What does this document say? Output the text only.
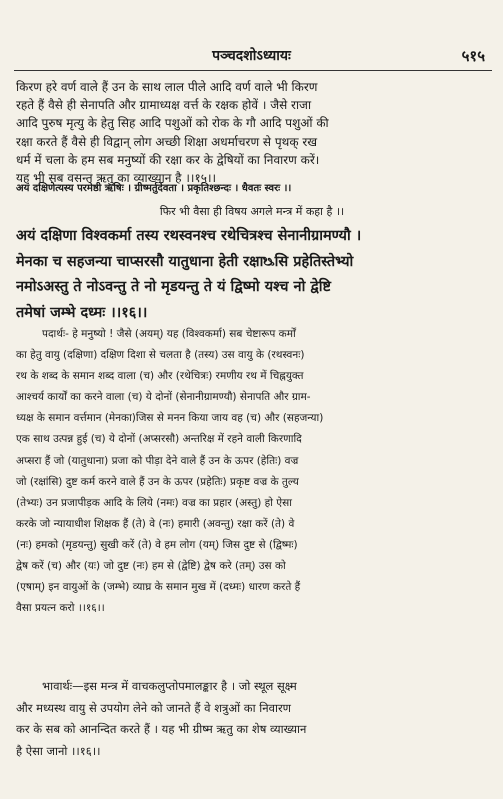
पञ्चदशोऽध्यायः	५१५
किरण हरे वर्ण वाले हैं उन के साथ लाल पीले आदि वर्ण वाले भी किरण
रहते हैं वैसे ही सेनापति और ग्रामाध्यक्ष वर्त्त के रक्षक होवें । जैसे राजा
आदि पुरुष मृत्यु के हेतु सिह आदि पशुओं को रोक के गौ आदि पशुओं की
रक्षा करते हैं वैसे ही विद्वान् लोग अच्छी शिक्षा अधर्माचरण से पृथक् रख
धर्म में चला के हम सब मनुष्यों की रक्षा कर के द्वेषियों का निवारण करें।
यह भी सब वसन्त ऋतु का व्याख्यान है ।।१५।।
अयं दक्षिणेत्यस्य परमेष्ठी ऋषिः । ग्रीष्मर्तुर्देवता । प्रकृतिश्छन्दः । धैवतः स्वरः ।।
फिर भी वैसा ही विषय अगले मन्त्र में कहा है ।।
अयं दक्षिणा विश्वकर्मा तस्य रथस्वनश्च रथेचित्रश्च सेनानीग्रामण्यौ ।
मेनका च सहजन्या चाप्सरसौ यातुधाना हेती रक्षाᳬसि प्रहेतिस्तेभ्यो
नमोऽअस्तु ते नोऽवन्तु ते नो मृडयन्तु ते यं द्विष्मो यश्च नो द्वेष्टि
तमेषां जम्भे दध्मः ।।१६।।
पदार्थः- हे मनुष्यो ! जैसे (अयम्) यह (विश्वकर्मा) सब चेष्टारूप कर्मों
का हेतु वायु (दक्षिणा) दक्षिण दिशा से चलता है (तस्य) उस वायु के (रथस्वनः)
रथ के शब्द के समान शब्द वाला (च) और (रथेचित्रः) रमणीय रथ में चिह्नयुक्त
आश्चर्य कार्यों का करने वाला (च) ये दोनों (सेनानीग्रामण्यौ) सेनापति और ग्राम-
ध्यक्ष के समान वर्त्तमान (मेनका)जिस से मनन किया जाय वह (च) और (सहजन्या)
एक साथ उत्पन्न हुई (च) ये दोनों (अप्सरसौ) अन्तरिक्ष में रहने वाली किरणादि
अप्सरा हैं जो (यातुधाना) प्रजा को पीड़ा देने वाले हैं उन के ऊपर (हेतिः) वज्र
जो (रक्षांसि) दुष्ट कर्म करने वाले हैं उन के ऊपर (प्रहेतिः) प्रकृष्ट वज्र के तुल्य
(तेभ्यः) उन प्रजापीड़क आदि के लिये (नमः) वज्र का प्रहार (अस्तु) हो ऐसा
करके जो न्यायाधीश शिक्षक हैं (ते) वे (नः) हमारी (अवन्तु) रक्षा करें (ते) वे
(नः) हमको (मृडयन्तु) सुखी करें (ते) वे हम लोग (यम्) जिस दुष्ट से (द्विष्मः)
द्वेष करें (च) और (यः) जो दुष्ट (नः) हम से (द्वेष्टि) द्वेष करे (तम्) उस को
(एषाम्) इन वायुओं के (जम्भे) व्याघ्र के समान मुख में (दध्मः) धारण करते हैं
वैसा प्रयत्न करो ।।१६।।
भावार्थः—इस मन्त्र में वाचकलुप्तोपमालङ्कार है । जो स्थूल सूक्ष्म
और मध्यस्थ वायु से उपयोग लेने को जानते हैं वे शत्रुओं का निवारण
कर के सब को आनन्दित करते हैं । यह भी ग्रीष्म ऋतु का शेष व्याख्यान
है ऐसा जानो ।।१६।।
